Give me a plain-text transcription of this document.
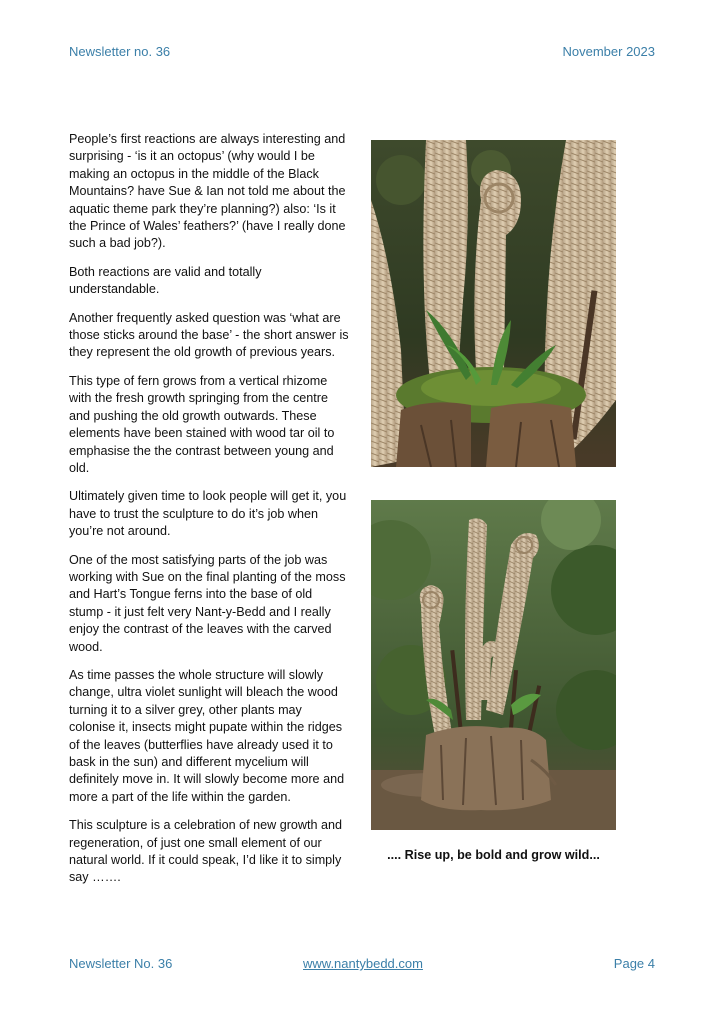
Newsletter no. 36	November 2023

People’s first reactions are always interesting and surprising - ‘is it an octopus’ (why would I be making an octopus in the middle of the Black Mountains? have Sue & Ian not told me about the aquatic theme park they’re planning?) also: ‘Is it the Prince of Wales’ feathers?’ (have I really done such a bad job?).

Both reactions are valid and totally understandable.

Another frequently asked question was ‘what are those sticks around the base’ - the short answer is they represent the old growth of previous years.

This type of fern grows from a vertical rhizome with the fresh growth springing from the centre and pushing the old growth outwards. These elements have been stained with wood tar oil to emphasise the the contrast between young and old.

Ultimately given time to look people will get it, you have to trust the sculpture to do it’s job when you’re not around.

One of the most satisfying parts of the job was working with Sue on the final planting of the moss and Hart’s Tongue ferns into the base of old stump - it just felt very Nant-y-Bedd and I really enjoy the contrast of the leaves with the carved wood.

As time passes the whole structure will slowly change, ultra violet sunlight will bleach the wood turning it to a silver grey, other plants may colonise it, insects might pupate within the ridges of the leaves (butterflies have already used it to bask in the sun) and different mycelium will definitely move in. It will slowly become more and more a part of the life within the garden.

This sculpture is a celebration of new growth and regeneration, of just one small element of our natural world. If it could speak, I’d like it to simply say …….

.... Rise up, be bold and grow wild...
Newsletter No. 36	www.nantybedd.com	Page 4
